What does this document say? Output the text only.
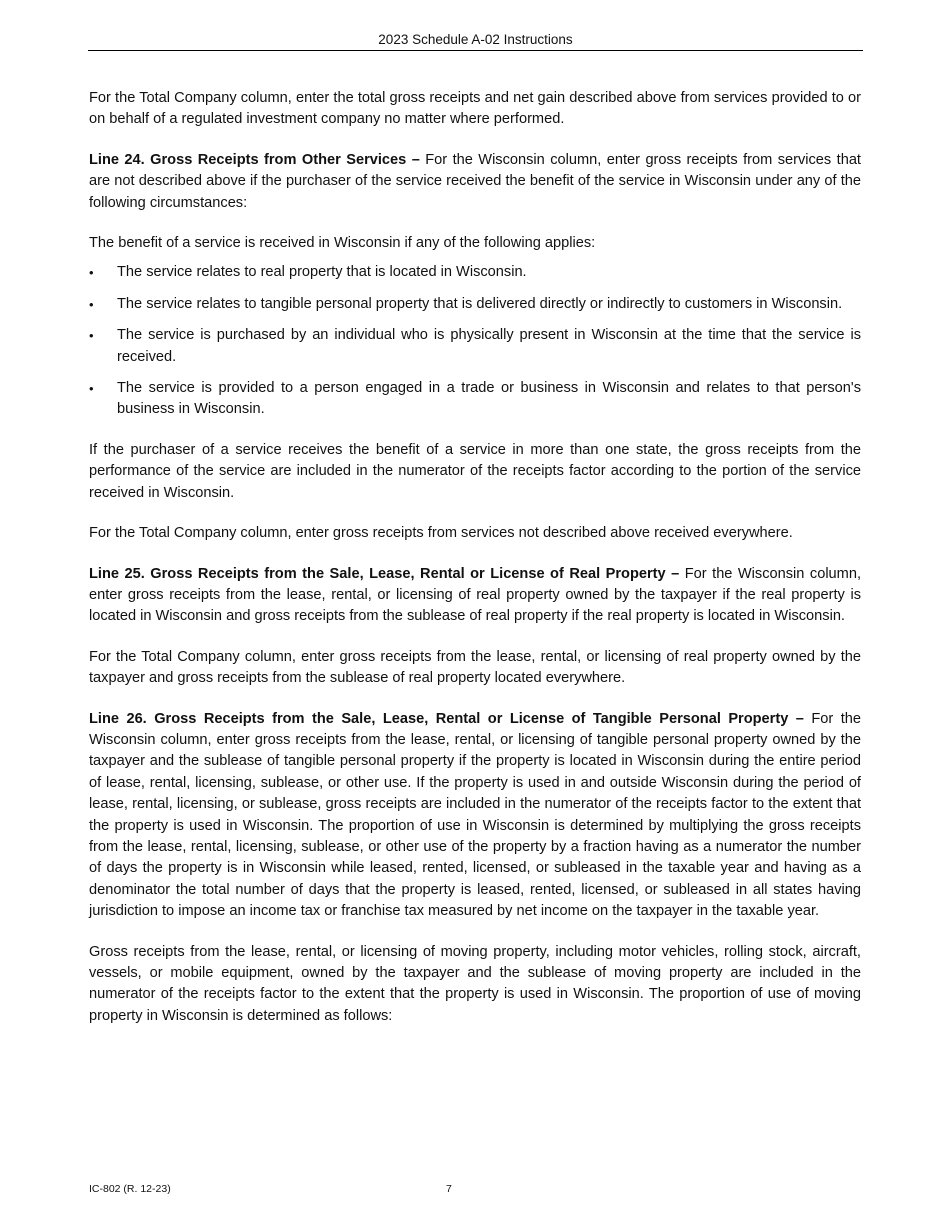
2023 Schedule A-02 Instructions

For the Total Company column, enter the total gross receipts and net gain described above from services provided to or on behalf of a regulated investment company no matter where performed.

Line 24. Gross Receipts from Other Services – For the Wisconsin column, enter gross receipts from services that are not described above if the purchaser of the service received the benefit of the service in Wisconsin under any of the following circumstances:

The benefit of a service is received in Wisconsin if any of the following applies:

• The service relates to real property that is located in Wisconsin.
• The service relates to tangible personal property that is delivered directly or indirectly to customers in Wisconsin.
• The service is purchased by an individual who is physically present in Wisconsin at the time that the service is received.
• The service is provided to a person engaged in a trade or business in Wisconsin and relates to that person's business in Wisconsin.

If the purchaser of a service receives the benefit of a service in more than one state, the gross receipts from the performance of the service are included in the numerator of the receipts factor according to the portion of the service received in Wisconsin.

For the Total Company column, enter gross receipts from services not described above received everywhere.

Line 25. Gross Receipts from the Sale, Lease, Rental or License of Real Property – For the Wisconsin column, enter gross receipts from the lease, rental, or licensing of real property owned by the taxpayer if the real property is located in Wisconsin and gross receipts from the sublease of real property if the real property is located in Wisconsin.

For the Total Company column, enter gross receipts from the lease, rental, or licensing of real property owned by the taxpayer and gross receipts from the sublease of real property located everywhere.

Line 26. Gross Receipts from the Sale, Lease, Rental or License of Tangible Personal Property – For the Wisconsin column, enter gross receipts from the lease, rental, or licensing of tangible personal property owned by the taxpayer and the sublease of tangible personal property if the property is located in Wisconsin during the entire period of lease, rental, licensing, sublease, or other use. If the property is used in and outside Wisconsin during the period of lease, rental, licensing, or sublease, gross receipts are included in the numerator of the receipts factor to the extent that the property is used in Wisconsin. The proportion of use in Wisconsin is determined by multiplying the gross receipts from the lease, rental, licensing, sublease, or other use of the property by a fraction having as a numerator the number of days the property is in Wisconsin while leased, rented, licensed, or subleased in the taxable year and having as a denominator the total number of days that the property is leased, rented, licensed, or subleased in all states having jurisdiction to impose an income tax or franchise tax measured by net income on the taxpayer in the taxable year.

Gross receipts from the lease, rental, or licensing of moving property, including motor vehicles, rolling stock, aircraft, vessels, or mobile equipment, owned by the taxpayer and the sublease of moving property are included in the numerator of the receipts factor to the extent that the property is used in Wisconsin. The proportion of use of moving property in Wisconsin is determined as follows:

IC-802 (R. 12-23)	7
